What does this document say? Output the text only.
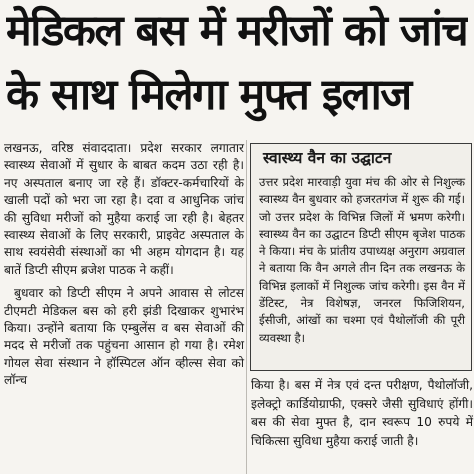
मेडिकल बस में मरीजों को जांच
के साथ मिलेगा मुफ्त इलाज

लखनऊ, वरिष्ठ संवाददाता। प्रदेश सरकार लगातार स्वास्थ्य सेवाओं में सुधार के बाबत कदम उठा रही है। नए अस्पताल बनाए जा रहे हैं। डॉक्टर-कर्मचारियों के खाली पदों को भरा जा रहा है। दवा व आधुनिक जांच की सुविधा मरीजों को मुहैया कराई जा रही है। बेहतर स्वास्थ्य सेवाओं के लिए सरकारी, प्राइवेट अस्पताल के साथ स्वयंसेवी संस्थाओं का भी अहम योगदान है। यह बातें डिप्टी सीएम ब्रजेश पाठक ने कहीं।

बुधवार को डिप्टी सीएम ने अपने आवास से लोटस टीएमटी मेडिकल बस को हरी झंडी दिखाकर शुभारंभ किया। उन्होंने बताया कि एम्बुलेंस व बस सेवाओं की मदद से मरीजों तक पहुंचना आसान हो गया है। रमेश गोयल सेवा संस्थान ने हॉस्पिटल ऑन व्हील्स सेवा को लॉन्च

स्वास्थ्य वैन का उद्घाटन
उत्तर प्रदेश मारवाड़ी युवा मंच की ओर से निशुल्क स्वास्थ्य वैन बुधवार को हजरतगंज में शुरू की गई। जो उत्तर प्रदेश के विभिन्न जिलों में भ्रमण करेगी। स्वास्थ्य वैन का उद्घाटन डिप्टी सीएम बृजेश पाठक ने किया। मंच के प्रांतीय उपाध्यक्ष अनुराग अग्रवाल ने बताया कि वैन अगले तीन दिन तक लखनऊ के विभिन्न इलाकों में निशुल्क जांच करेगी। इस वैन में डेंटिस्ट, नेत्र विशेषज्ञ, जनरल फिजिशियन, ईसीजी, आंखों का चश्मा एवं पैथोलॉजी की पूरी व्यवस्था है।
किया है। बस में नेत्र एवं दन्त परीक्षण, पैथोलॉजी, इलेक्ट्रो कार्डियोग्राफी, एक्सरे जैसी सुविधाएं होंगी। बस की सेवा मुफ्त है, दान स्वरूप 10 रुपये में चिकित्सा सुविधा मुहैया कराई जाती है।
